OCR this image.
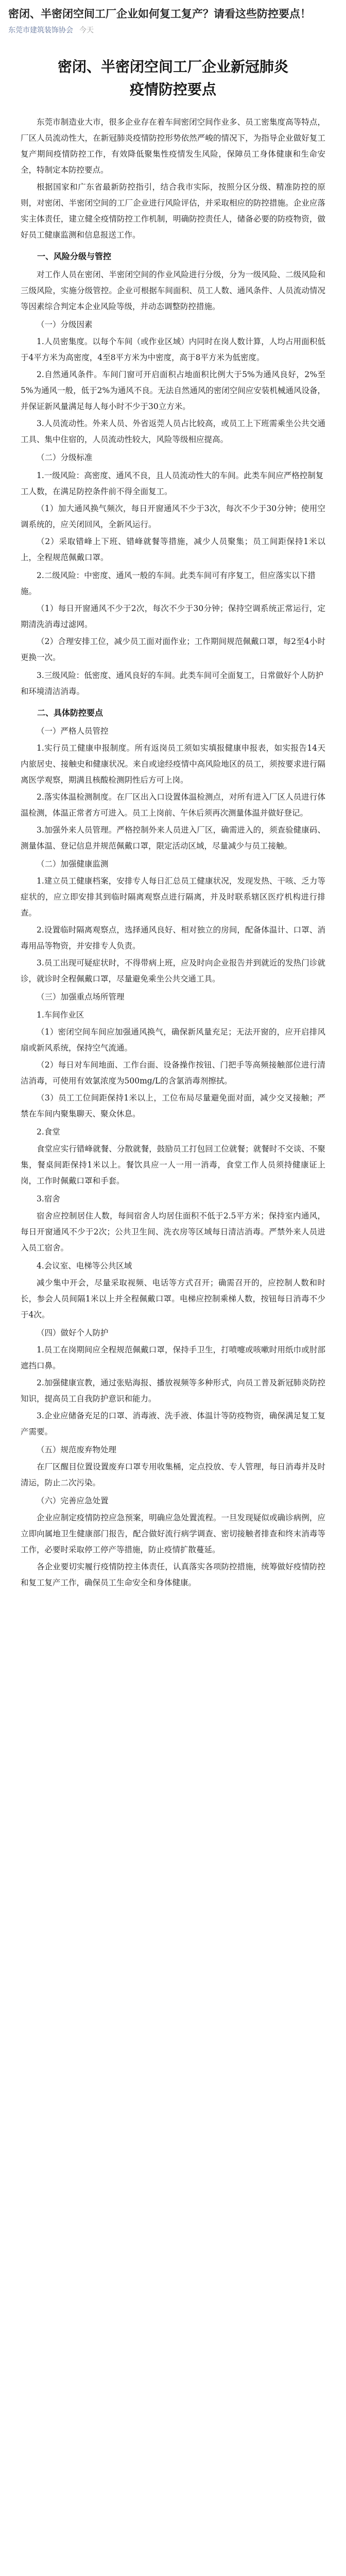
密闭、半密闭空间工厂企业如何复工复产？请看这些防控要点！
东莞市建筑装饰协会 今天
密闭、半密闭空间工厂企业新冠肺炎
疫情防控要点
东莞市制造业大市，很多企业存在着车间密闭空间作业多、员工密集度高等特点，厂区人员流动性大，在新冠肺炎疫情防控形势依然严峻的情况下，为指导企业做好复工复产期间疫情防控工作，有效降低聚集性疫情发生风险，保障员工身体健康和生命安全，特制定本防控要点。
根据国家和广东省最新防控指引，结合我市实际，按照分区分级、精准防控的原则，对密闭、半密闭空间的工厂企业进行风险评估，并采取相应的防控措施。企业应落实主体责任，建立健全疫情防控工作机制，明确防控责任人，储备必要的防疫物资，做好员工健康监测和信息报送工作。
一、风险分级与管控
对工作人员在密闭、半密闭空间的作业风险进行分级，分为一级风险、二级风险和三级风险，实施分级管控。企业可根据车间面积、员工人数、通风条件、人员流动情况等因素综合判定本企业风险等级，并动态调整防控措施。
（一）分级因素
1.人员密集度。以每个车间（或作业区域）内同时在岗人数计算，人均占用面积低于4平方米为高密度，4至8平方米为中密度，高于8平方米为低密度。
2.自然通风条件。车间门窗可开启面积占地面积比例大于5%为通风良好，2%至5%为通风一般，低于2%为通风不良。无法自然通风的密闭空间应安装机械通风设备，并保证新风量满足每人每小时不少于30立方米。
3.人员流动性。外来人员、外省返莞人员占比较高，或员工上下班需乘坐公共交通工具、集中住宿的，人员流动性较大，风险等级相应提高。
（二）分级标准
1.一级风险：高密度、通风不良，且人员流动性大的车间。此类车间应严格控制复工人数，在满足防控条件前不得全面复工。
（1）加大通风换气频次，每日开窗通风不少于3次，每次不少于30分钟；使用空调系统的，应关闭回风，全新风运行。
（2）采取错峰上下班、错峰就餐等措施，减少人员聚集；员工间距保持1米以上，全程规范佩戴口罩。
2.二级风险：中密度、通风一般的车间。此类车间可有序复工，但应落实以下措施。
（1）每日开窗通风不少于2次，每次不少于30分钟；保持空调系统正常运行，定期清洗消毒过滤网。
（2）合理安排工位，减少员工面对面作业；工作期间规范佩戴口罩，每2至4小时更换一次。
3.三级风险：低密度、通风良好的车间。此类车间可全面复工，日常做好个人防护和环境清洁消毒。
二、具体防控要点
（一）严格人员管控
1.实行员工健康申报制度。所有返岗员工须如实填报健康申报表，如实报告14天内旅居史、接触史和健康状况。来自或途经疫情中高风险地区的员工，须按要求进行隔离医学观察，期满且核酸检测阴性后方可上岗。
2.落实体温检测制度。在厂区出入口设置体温检测点，对所有进入厂区人员进行体温检测，体温正常者方可进入。员工上岗前、午休后须再次测量体温并做好登记。
3.加强外来人员管理。严格控制外来人员进入厂区，确需进入的，须查验健康码、测量体温、登记信息并规范佩戴口罩，限定活动区域，尽量减少与员工接触。
（二）加强健康监测
1.建立员工健康档案，安排专人每日汇总员工健康状况，发现发热、干咳、乏力等症状的，应立即安排其到临时隔离观察点进行隔离，并及时联系辖区医疗机构进行排查。
2.设置临时隔离观察点，选择通风良好、相对独立的房间，配备体温计、口罩、消毒用品等物资，并安排专人负责。
3.员工出现可疑症状时，不得带病上班，应及时向企业报告并到就近的发热门诊就诊，就诊时全程佩戴口罩，尽量避免乘坐公共交通工具。
（三）加强重点场所管理
1.车间作业区
（1）密闭空间车间应加强通风换气，确保新风量充足；无法开窗的，应开启排风扇或新风系统，保持空气流通。
（2）每日对车间地面、工作台面、设备操作按钮、门把手等高频接触部位进行清洁消毒，可使用有效氯浓度为500mg/L的含氯消毒剂擦拭。
（3）员工工位间距保持1米以上，工位布局尽量避免面对面，减少交叉接触；严禁在车间内聚集聊天、聚众休息。
2.食堂
食堂应实行错峰就餐、分散就餐，鼓励员工打包回工位就餐；就餐时不交谈、不聚集，餐桌间距保持1米以上。餐饮具应一人一用一消毒，食堂工作人员须持健康证上岗，工作时佩戴口罩和手套。
3.宿舍
宿舍应控制居住人数，每间宿舍人均居住面积不低于2.5平方米；保持室内通风，每日开窗通风不少于2次；公共卫生间、洗衣房等区域每日清洁消毒。严禁外来人员进入员工宿舍。
4.会议室、电梯等公共区域
减少集中开会，尽量采取视频、电话等方式召开；确需召开的，应控制人数和时长，参会人员间隔1米以上并全程佩戴口罩。电梯应控制乘梯人数，按钮每日消毒不少于4次。
（四）做好个人防护
1.员工在岗期间应全程规范佩戴口罩，保持手卫生，打喷嚏或咳嗽时用纸巾或肘部遮挡口鼻。
2.加强健康宣教，通过张贴海报、播放视频等多种形式，向员工普及新冠肺炎防控知识，提高员工自我防护意识和能力。
3.企业应储备充足的口罩、消毒液、洗手液、体温计等防疫物资，确保满足复工复产需要。
（五）规范废弃物处理
在厂区醒目位置设置废弃口罩专用收集桶，定点投放、专人管理，每日消毒并及时清运，防止二次污染。
（六）完善应急处置
企业应制定疫情防控应急预案，明确应急处置流程。一旦发现疑似或确诊病例，应立即向属地卫生健康部门报告，配合做好流行病学调查、密切接触者排查和终末消毒等工作，必要时采取停工停产等措施，防止疫情扩散蔓延。
各企业要切实履行疫情防控主体责任，认真落实各项防控措施，统筹做好疫情防控和复工复产工作，确保员工生命安全和身体健康。
